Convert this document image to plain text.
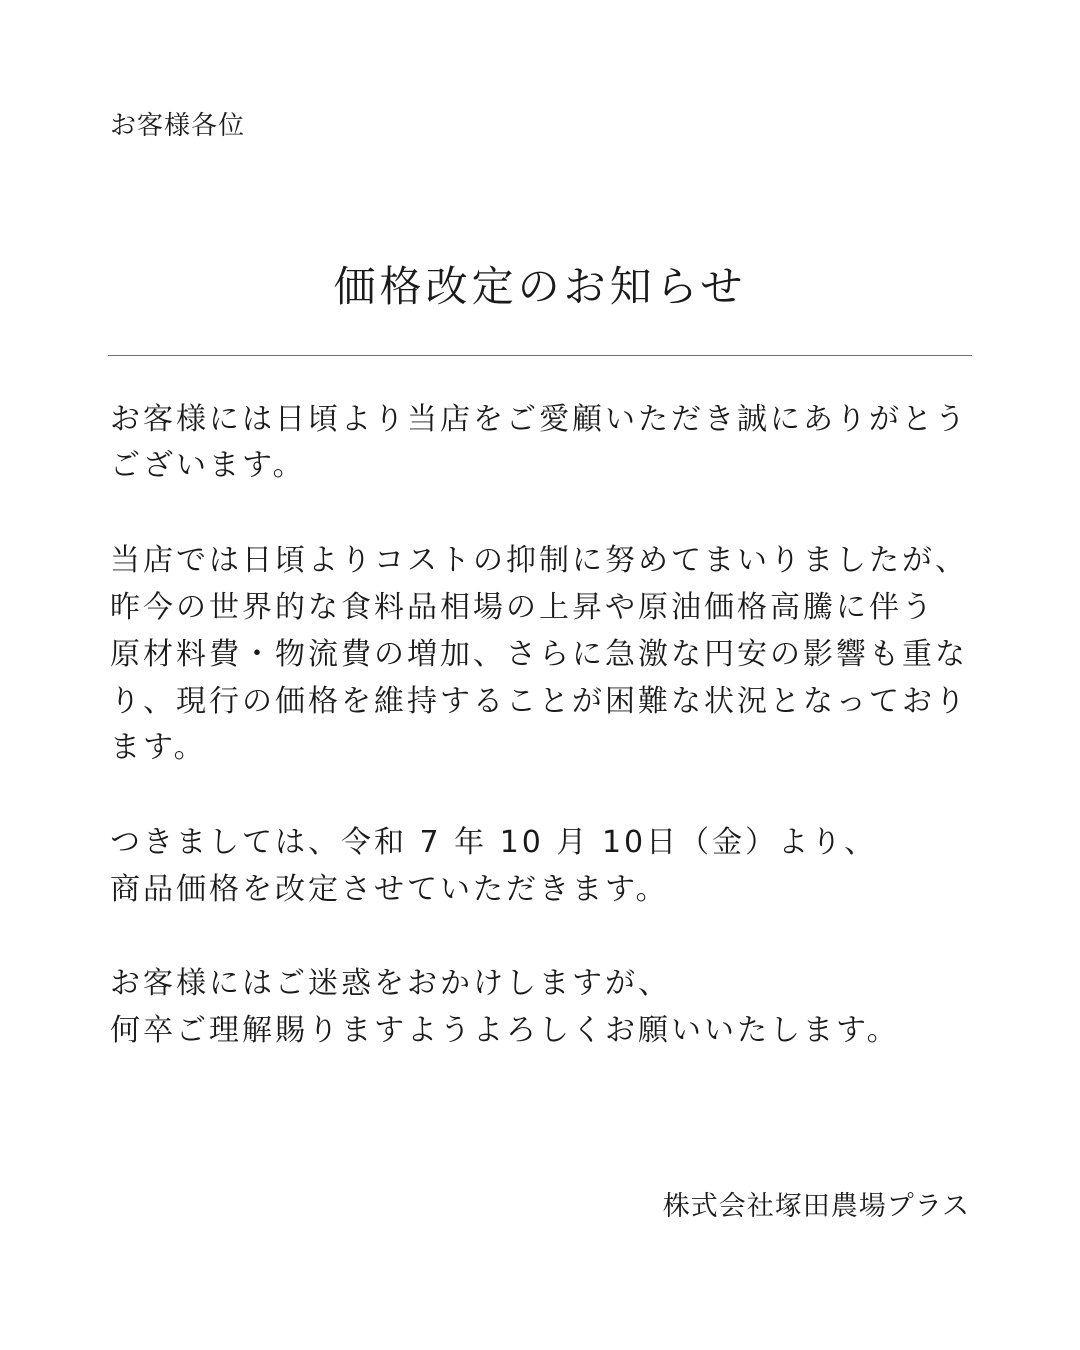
お客様各位
価格改定のお知らせ
お客様には日頃より当店をご愛顧いただき誠にありがとう
ございます。
当店では日頃よりコストの抑制に努めてまいりましたが、
昨今の世界的な食料品相場の上昇や原油価格高騰に伴う
原材料費・物流費の増加、さらに急激な円安の影響も重な
り、現行の価格を維持することが困難な状況となっており
ます。
つきましては、令和 7 年 10 月 10日（金）より、
商品価格を改定させていただきます。
お客様にはご迷惑をおかけしますが、
何卒ご理解賜りますようよろしくお願いいたします。
株式会社塚田農場プラス
